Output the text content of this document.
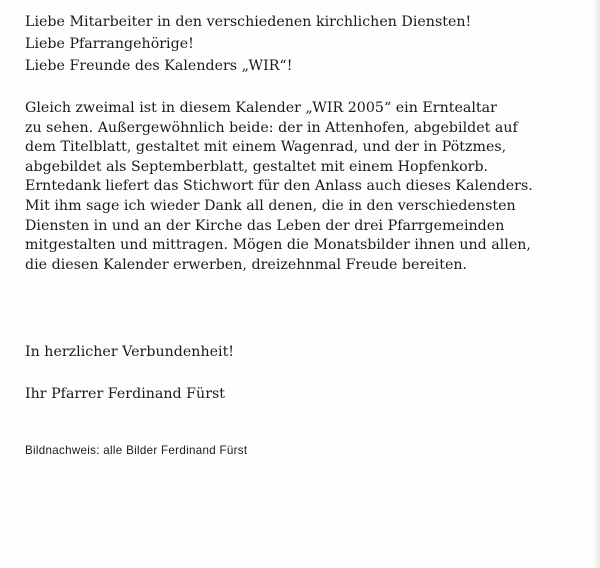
Liebe Mitarbeiter in den verschiedenen kirchlichen Diensten!
Liebe Pfarrangehörige!
Liebe Freunde des Kalenders „WIR“!

Gleich zweimal ist in diesem Kalender „WIR 2005“ ein Erntealtar
zu sehen. Außergewöhnlich beide: der in Attenhofen, abgebildet auf
dem Titelblatt, gestaltet mit einem Wagenrad, und der in Pötzmes,
abgebildet als Septemberblatt, gestaltet mit einem Hopfenkorb.
Erntedank liefert das Stichwort für den Anlass auch dieses Kalenders.
Mit ihm sage ich wieder Dank all denen, die in den verschiedensten
Diensten in und an der Kirche das Leben der drei Pfarrgemeinden
mitgestalten und mittragen. Mögen die Monatsbilder ihnen und allen,
die diesen Kalender erwerben, dreizehnmal Freude bereiten.

In herzlicher Verbundenheit!

Ihr Pfarrer Ferdinand Fürst

Bildnachweis: alle Bilder Ferdinand Fürst
